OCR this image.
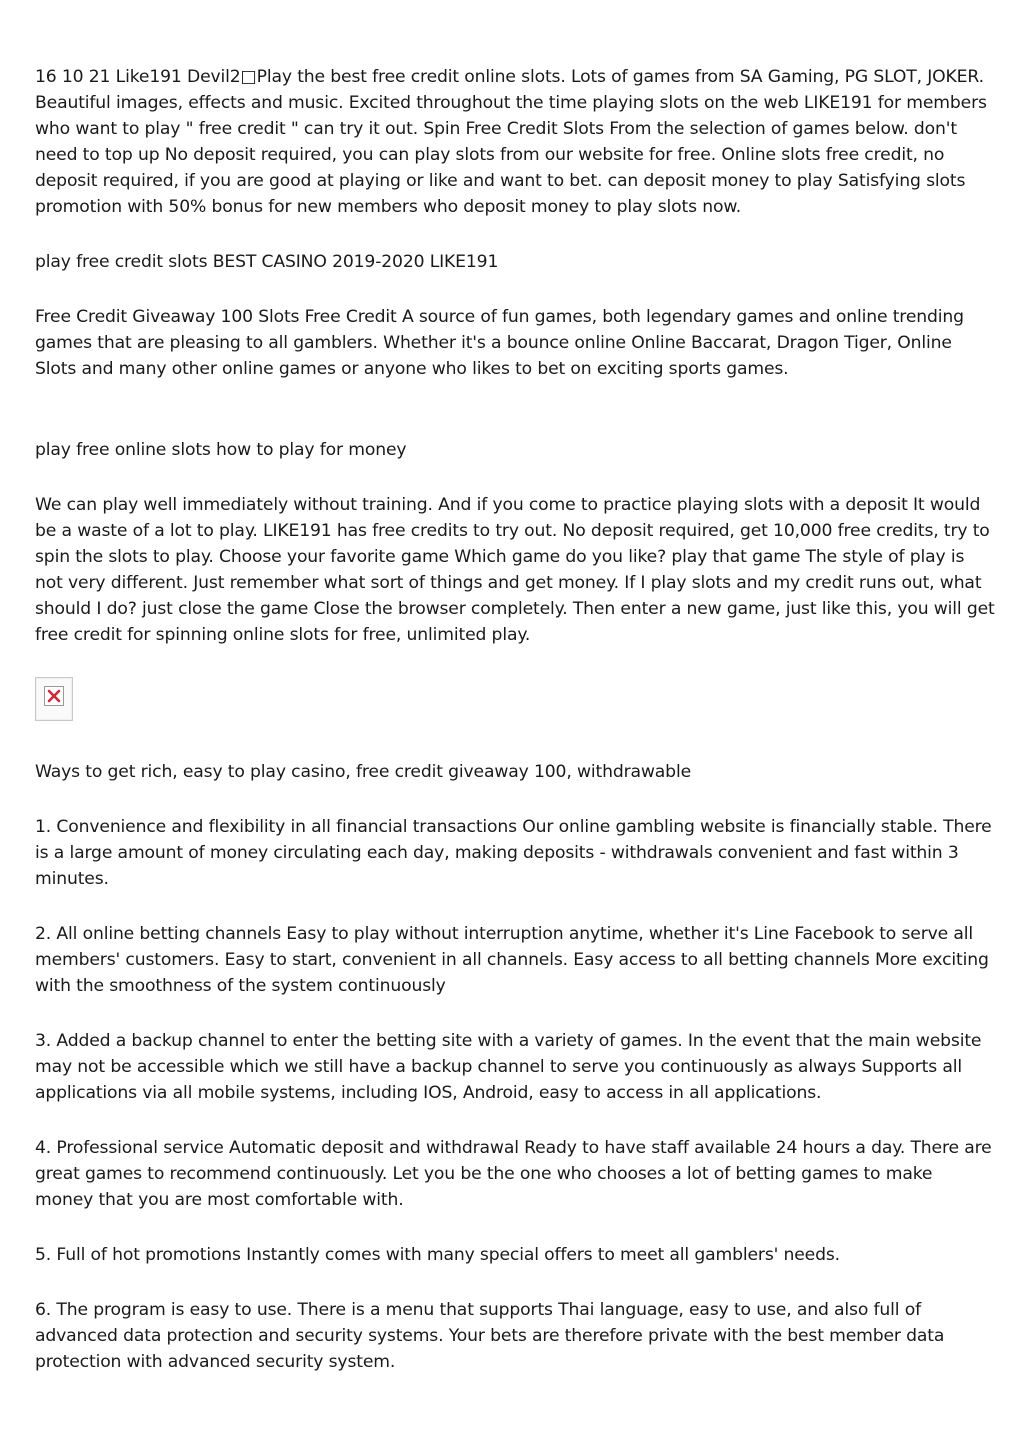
16 10 21 Like191 Devil2□Play the best free credit online slots. Lots of games from SA Gaming, PG SLOT, JOKER. Beautiful images, effects and music. Excited throughout the time playing slots on the web LIKE191 for members who want to play " free credit " can try it out. Spin Free Credit Slots From the selection of games below. don't need to top up No deposit required, you can play slots from our website for free. Online slots free credit, no deposit required, if you are good at playing or like and want to bet. can deposit money to play Satisfying slots promotion with 50% bonus for new members who deposit money to play slots now.

play free credit slots BEST CASINO 2019-2020 LIKE191

Free Credit Giveaway 100 Slots Free Credit A source of fun games, both legendary games and online trending games that are pleasing to all gamblers. Whether it's a bounce online Online Baccarat, Dragon Tiger, Online Slots and many other online games or anyone who likes to bet on exciting sports games.

play free online slots how to play for money

We can play well immediately without training. And if you come to practice playing slots with a deposit It would be a waste of a lot to play. LIKE191 has free credits to try out. No deposit required, get 10,000 free credits, try to spin the slots to play. Choose your favorite game Which game do you like? play that game The style of play is not very different. Just remember what sort of things and get money. If I play slots and my credit runs out, what should I do? just close the game Close the browser completely. Then enter a new game, just like this, you will get free credit for spinning online slots for free, unlimited play.

Ways to get rich, easy to play casino, free credit giveaway 100, withdrawable

1. Convenience and flexibility in all financial transactions Our online gambling website is financially stable. There is a large amount of money circulating each day, making deposits - withdrawals convenient and fast within 3 minutes.

2. All online betting channels Easy to play without interruption anytime, whether it's Line Facebook to serve all members' customers. Easy to start, convenient in all channels. Easy access to all betting channels More exciting with the smoothness of the system continuously

3. Added a backup channel to enter the betting site with a variety of games. In the event that the main website may not be accessible which we still have a backup channel to serve you continuously as always Supports all applications via all mobile systems, including IOS, Android, easy to access in all applications.

4. Professional service Automatic deposit and withdrawal Ready to have staff available 24 hours a day. There are great games to recommend continuously. Let you be the one who chooses a lot of betting games to make money that you are most comfortable with.

5. Full of hot promotions Instantly comes with many special offers to meet all gamblers' needs.

6. The program is easy to use. There is a menu that supports Thai language, easy to use, and also full of advanced data protection and security systems. Your bets are therefore private with the best member data protection with advanced security system.
